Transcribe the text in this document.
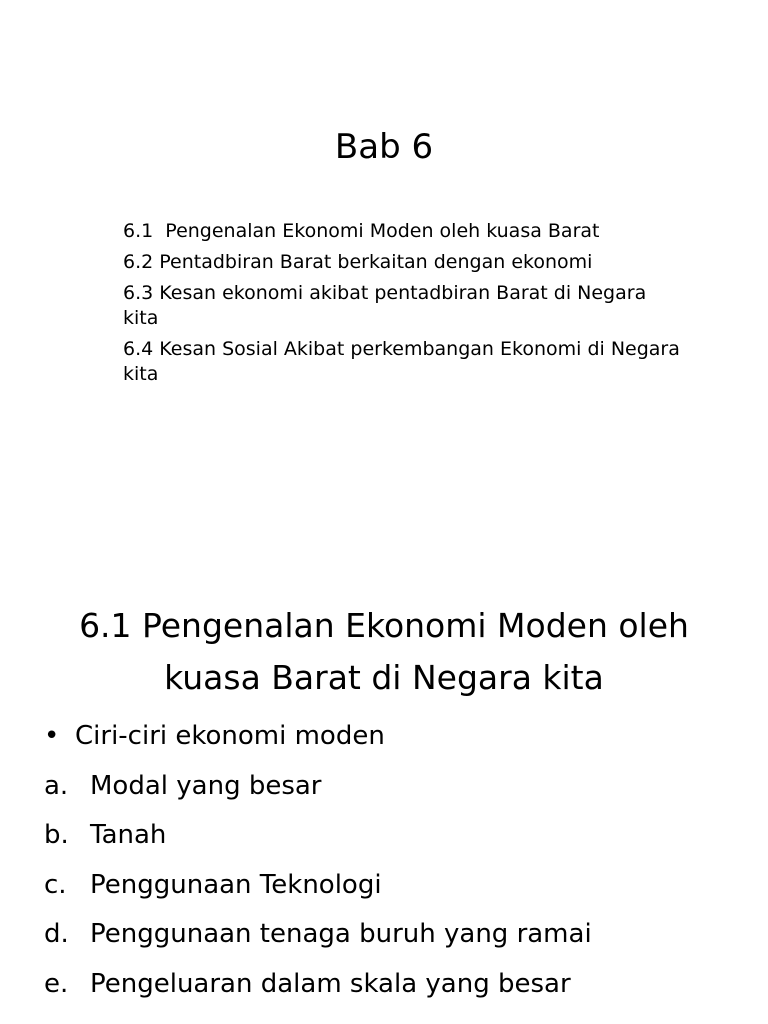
Bab 6
6.1  Pengenalan Ekonomi Moden oleh kuasa Barat
6.2 Pentadbiran Barat berkaitan dengan ekonomi
6.3 Kesan ekonomi akibat pentadbiran Barat di Negara kita
6.4 Kesan Sosial Akibat perkembangan Ekonomi di Negara kita
6.1 Pengenalan Ekonomi Moden oleh
kuasa Barat di Negara kita
• Ciri-ciri ekonomi moden
a. Modal yang besar
b. Tanah
c. Penggunaan Teknologi
d. Penggunaan tenaga buruh yang ramai
e. Pengeluaran dalam skala yang besar
